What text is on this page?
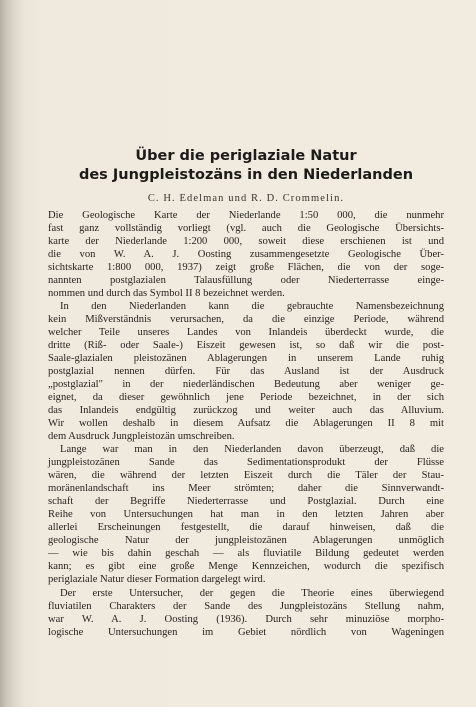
Über die periglaziale Natur
des Jungpleistozäns in den Niederlanden
C. H. Edelman und R. D. Crommelin.
Die Geologische Karte der Niederlande 1:50 000, die nunmehr
fast ganz vollständig vorliegt (vgl. auch die Geologische Übersichts-
karte der Niederlande 1:200 000, soweit diese erschienen ist und
die von W. A. J. Oosting zusammengesetzte Geologische Über-
sichtskarte 1:800 000, 1937) zeigt große Flächen, die von der soge-
nannten postglazialen Talausfüllung oder Niederterrasse einge-
nommen und durch das Symbol II 8 bezeichnet werden.
In den Niederlanden kann die gebrauchte Namensbezeichnung
kein Mißverständnis verursachen, da die einzige Periode, während
welcher Teile unseres Landes von Inlandeis überdeckt wurde, die
dritte (Riß- oder Saale-) Eiszeit gewesen ist, so daß wir die post-
Saale-glazialen pleistozänen Ablagerungen in unserem Lande ruhig
postglazial nennen dürfen. Für das Ausland ist der Ausdruck
„postglazial" in der niederländischen Bedeutung aber weniger ge-
eignet, da dieser gewöhnlich jene Periode bezeichnet, in der sich
das Inlandeis endgültig zurückzog und weiter auch das Alluvium.
Wir wollen deshalb in diesem Aufsatz die Ablagerungen II 8 mit
dem Ausdruck Jungpleistozän umschreiben.
Lange war man in den Niederlanden davon überzeugt, daß die
jungpleistozänen Sande das Sedimentationsprodukt der Flüsse
wären, die während der letzten Eiszeit durch die Täler der Stau-
moränenlandschaft ins Meer strömten; daher die Sinnverwandt-
schaft der Begriffe Niederterrasse und Postglazial. Durch eine
Reihe von Untersuchungen hat man in den letzten Jahren aber
allerlei Erscheinungen festgestellt, die darauf hinweisen, daß die
geologische Natur der jungpleistozänen Ablagerungen unmöglich
— wie bis dahin geschah — als fluviatile Bildung gedeutet werden
kann; es gibt eine große Menge Kennzeichen, wodurch die spezifisch
periglaziale Natur dieser Formation dargelegt wird.
Der erste Untersucher, der gegen die Theorie eines überwiegend
fluviatilen Charakters der Sande des Jungpleistozäns Stellung nahm,
war W. A. J. Oosting (1936). Durch sehr minuziöse morpho-
logische Untersuchungen im Gebiet nördlich von Wageningen
